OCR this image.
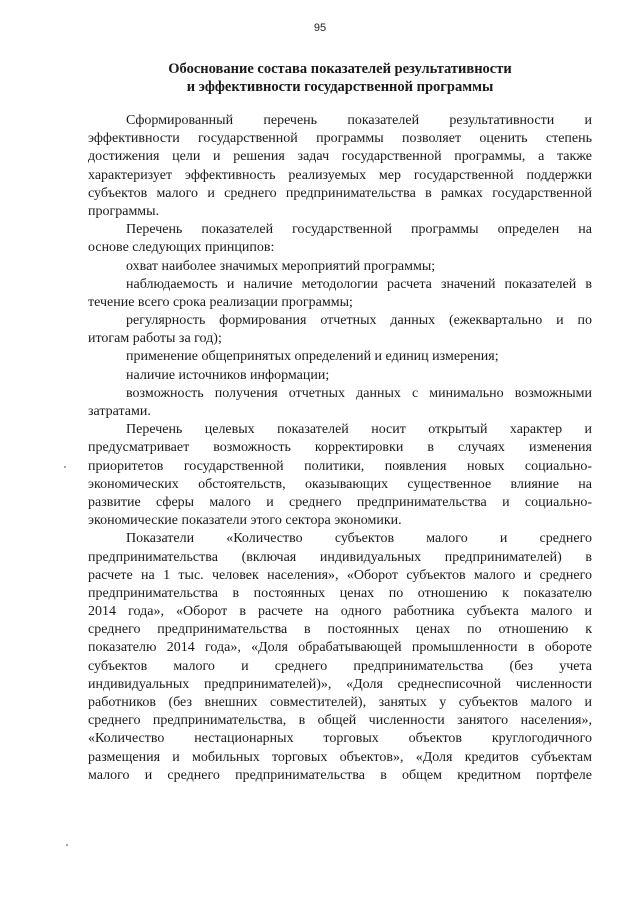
95
Обоснование состава показателей результативности
и эффективности государственной программы
Сформированный перечень показателей результативности и
эффективности государственной программы позволяет оценить степень
достижения цели и решения задач государственной программы, а также
характеризует эффективность реализуемых мер государственной поддержки
субъектов малого и среднего предпринимательства в рамках государственной
программы.
Перечень показателей государственной программы определен на
основе следующих принципов:
охват наиболее значимых мероприятий программы;
наблюдаемость и наличие методологии расчета значений показателей в
течение всего срока реализации программы;
регулярность формирования отчетных данных (ежеквартально и по
итогам работы за год);
применение общепринятых определений и единиц измерения;
наличие источников информации;
возможность получения отчетных данных с минимально возможными
затратами.
Перечень целевых показателей носит открытый характер и
предусматривает возможность корректировки в случаях изменения
приоритетов государственной политики, появления новых социально-
экономических обстоятельств, оказывающих существенное влияние на
развитие сферы малого и среднего предпринимательства и социально-
экономические показатели этого сектора экономики.
Показатели «Количество субъектов малого и среднего
предпринимательства (включая индивидуальных предпринимателей) в
расчете на 1 тыс. человек населения», «Оборот субъектов малого и среднего
предпринимательства в постоянных ценах по отношению к показателю
2014 года», «Оборот в расчете на одного работника субъекта малого и
среднего предпринимательства в постоянных ценах по отношению к
показателю 2014 года», «Доля обрабатывающей промышленности в обороте
субъектов малого и среднего предпринимательства (без учета
индивидуальных предпринимателей)», «Доля среднесписочной численности
работников (без внешних совместителей), занятых у субъектов малого и
среднего предпринимательства, в общей численности занятого населения»,
«Количество нестационарных торговых объектов круглогодичного
размещения и мобильных торговых объектов», «Доля кредитов субъектам
малого и среднего предпринимательства в общем кредитном портфеле
